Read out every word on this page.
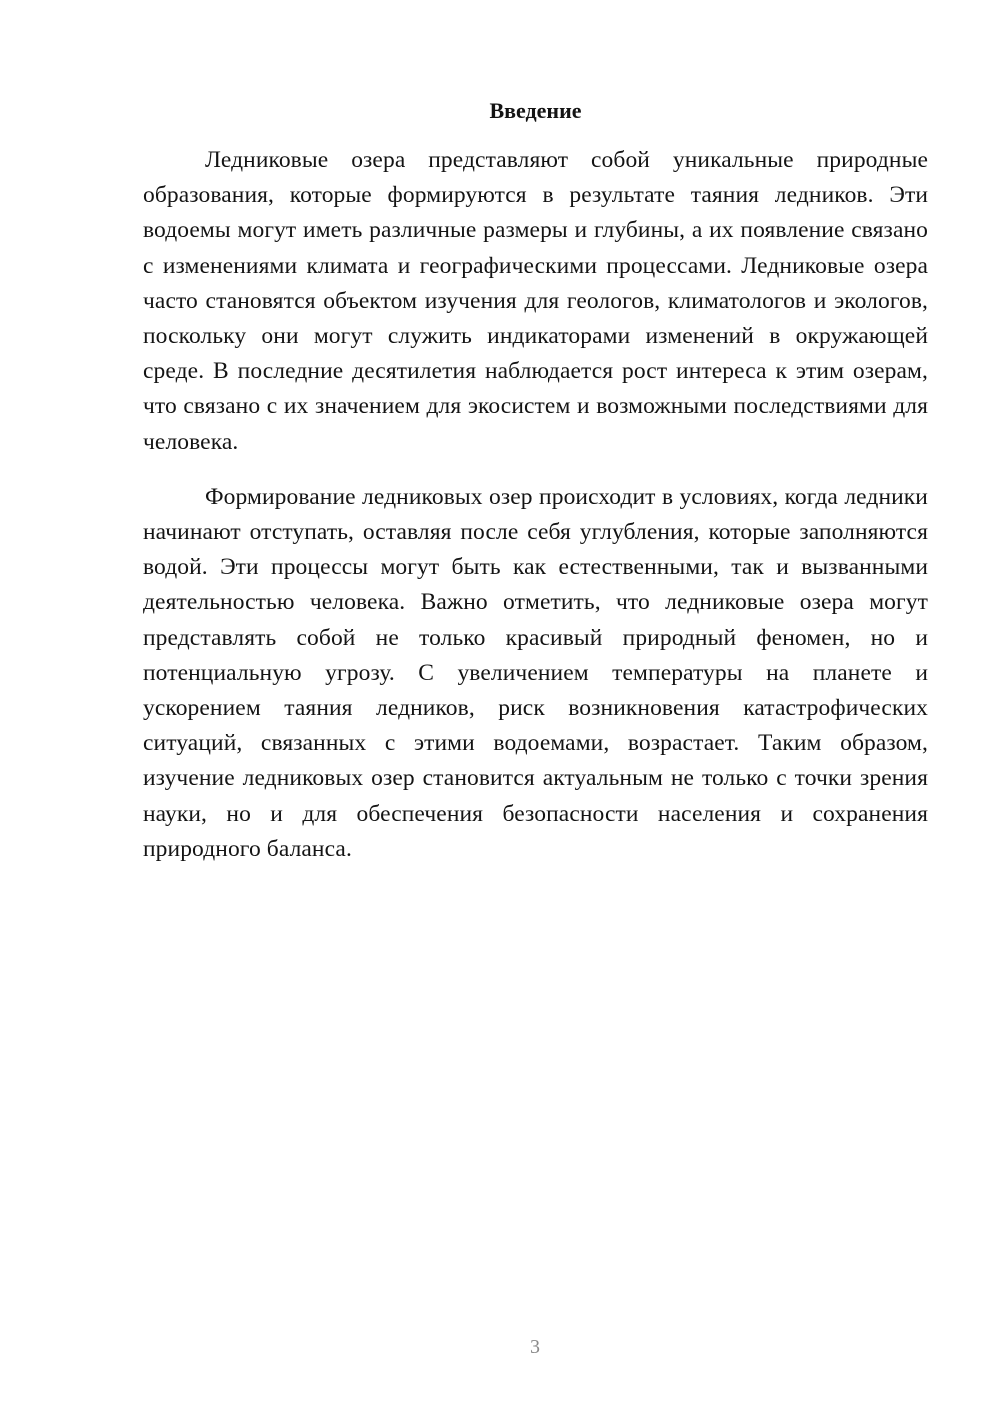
Введение

Ледниковые озера представляют собой уникальные природные образования, которые формируются в результате таяния ледников. Эти водоемы могут иметь различные размеры и глубины, а их появление связано с изменениями климата и географическими процессами. Ледниковые озера часто становятся объектом изучения для геологов, климатологов и экологов, поскольку они могут служить индикаторами изменений в окружающей среде. В последние десятилетия наблюдается рост интереса к этим озерам, что связано с их значением для экосистем и возможными последствиями для человека.

Формирование ледниковых озер происходит в условиях, когда ледники начинают отступать, оставляя после себя углубления, которые заполняются водой. Эти процессы могут быть как естественными, так и вызванными деятельностью человека. Важно отметить, что ледниковые озера могут представлять собой не только красивый природный феномен, но и потенциальную угрозу. С увеличением температуры на планете и ускорением таяния ледников, риск возникновения катастрофических ситуаций, связанных с этими водоемами, возрастает. Таким образом, изучение ледниковых озер становится актуальным не только с точки зрения науки, но и для обеспечения безопасности населения и сохранения природного баланса.

3
